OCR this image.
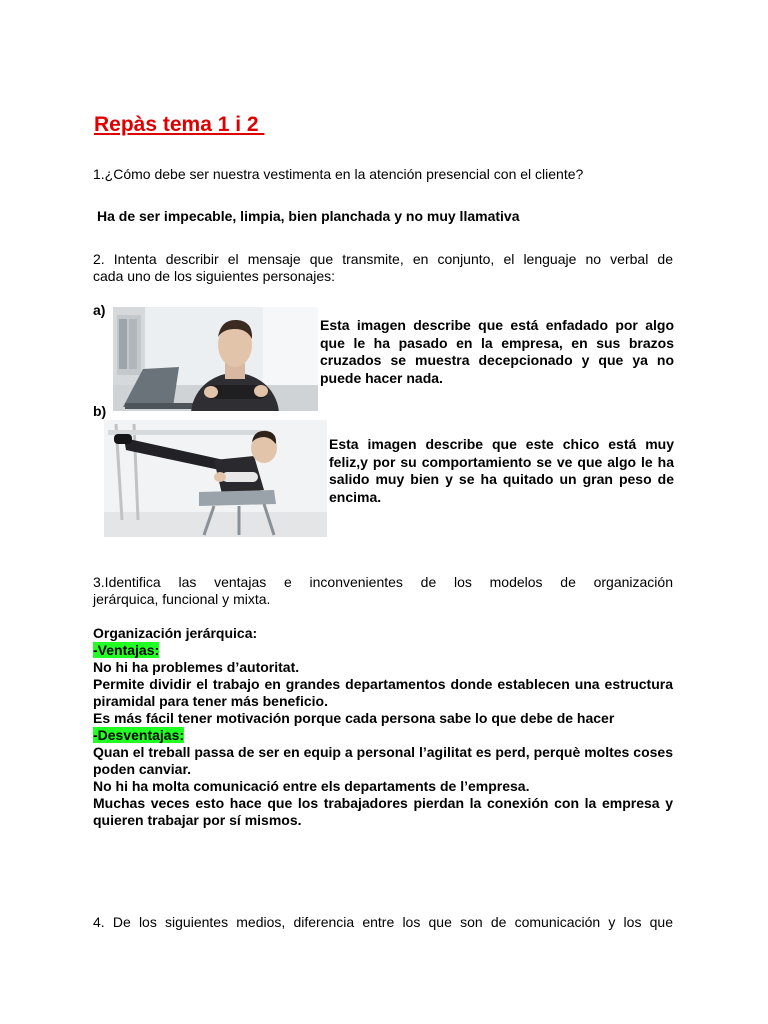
Repàs tema 1 i 2
1.¿Cómo debe ser nuestra vestimenta en la atención presencial con el cliente?
Ha de ser impecable, limpia, bien planchada y no muy llamativa
2. Intenta describir el mensaje que transmite, en conjunto, el lenguaje no verbal de
cada uno de los siguientes personajes:
a)
Esta imagen describe que está enfadado por algo que le ha pasado en la empresa, en sus brazos cruzados se muestra decepcionado y que ya no puede hacer nada.
b)
Esta imagen describe que este chico está muy feliz,y por su comportamiento se ve que algo le ha salido muy bien y se ha quitado un gran peso de encima.
3.Identifica las ventajas e inconvenientes de los modelos de organización
jerárquica, funcional y mixta.
Organización jerárquica:
-Ventajas:

No hi ha problemes d’autoritat.

Permite dividir el trabajo en grandes departamentos donde establecen una estructura piramidal para tener más beneficio.

Es más fácil tener motivación porque cada persona sabe lo que debe de hacer

-Desventajas:

Quan el treball passa de ser en equip a personal l’agilitat es perd, perquè moltes coses poden canviar.

No hi ha molta comunicació entre els departaments de l’empresa.

Muchas veces esto hace que los trabajadores pierdan la conexión con la empresa y quieren trabajar por sí mismos.

4. De los siguientes medios, diferencia entre los que son de comunicación y los que
